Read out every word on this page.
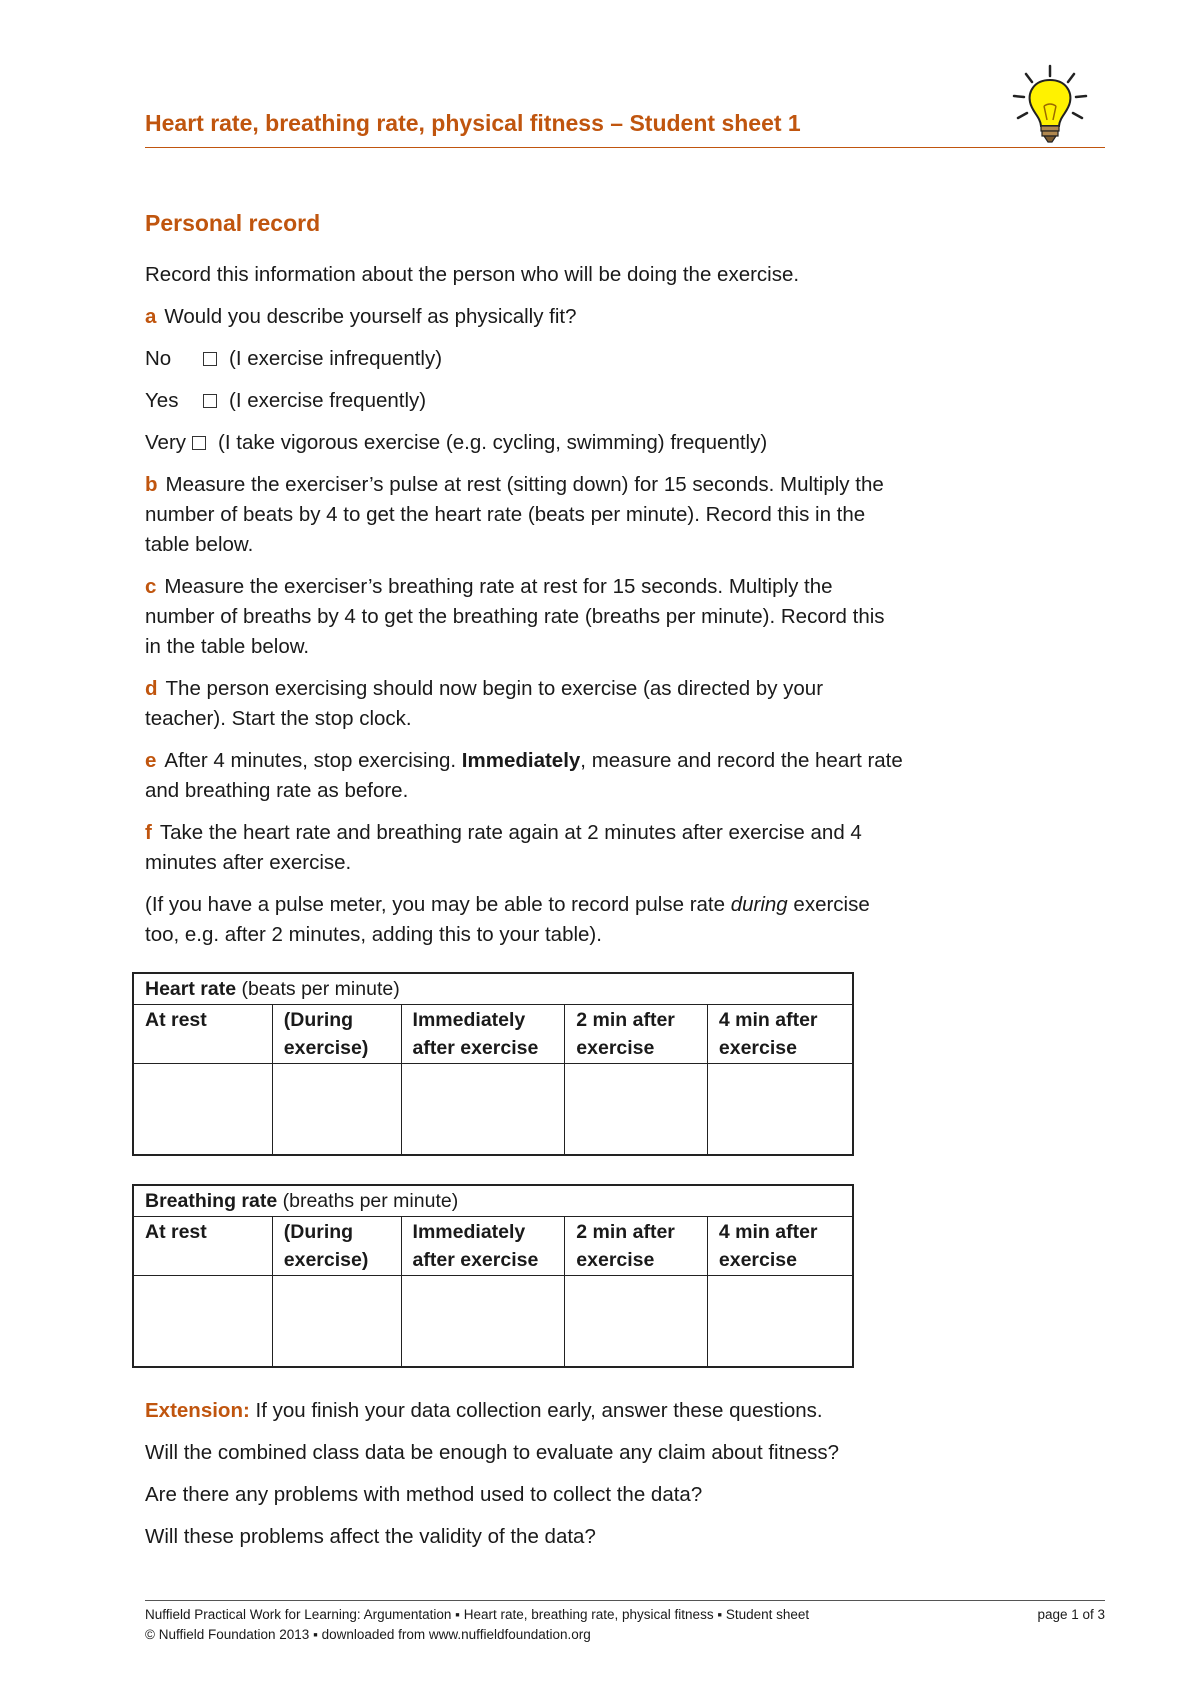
Heart rate, breathing rate, physical fitness – Student sheet 1
Personal record

Record this information about the person who will be doing the exercise.

a Would you describe yourself as physically fit?

No	(I exercise infrequently)
Yes	(I exercise frequently)
Very (I take vigorous exercise (e.g. cycling, swimming) frequently)

b Measure the exerciser’s pulse at rest (sitting down) for 15 seconds. Multiply the number of beats by 4 to get the heart rate (beats per minute). Record this in the table below.

c Measure the exerciser’s breathing rate at rest for 15 seconds. Multiply the number of breaths by 4 to get the breathing rate (breaths per minute). Record this in the table below.

d The person exercising should now begin to exercise (as directed by your teacher). Start the stop clock.

e After 4 minutes, stop exercising. Immediately, measure and record the heart rate and breathing rate as before.

f Take the heart rate and breathing rate again at 2 minutes after exercise and 4 minutes after exercise.

(If you have a pulse meter, you may be able to record pulse rate during exercise too, e.g. after 2 minutes, adding this to your table).

Heart rate (beats per minute)				
At rest	(During exercise)	Immediately after exercise	2 min after exercise	4 min after exercise

Breathing rate (breaths per minute)				
At rest	(During exercise)	Immediately after exercise	2 min after exercise	4 min after exercise

Extension: If you finish your data collection early, answer these questions.

Will the combined class data be enough to evaluate any claim about fitness?

Are there any problems with method used to collect the data?

Will these problems affect the validity of the data?

Nuffield Practical Work for Learning: Argumentation ▪ Heart rate, breathing rate, physical fitness ▪ Student sheet
© Nuffield Foundation 2013 ▪ downloaded from www.nuffieldfoundation.org
page 1 of 3
